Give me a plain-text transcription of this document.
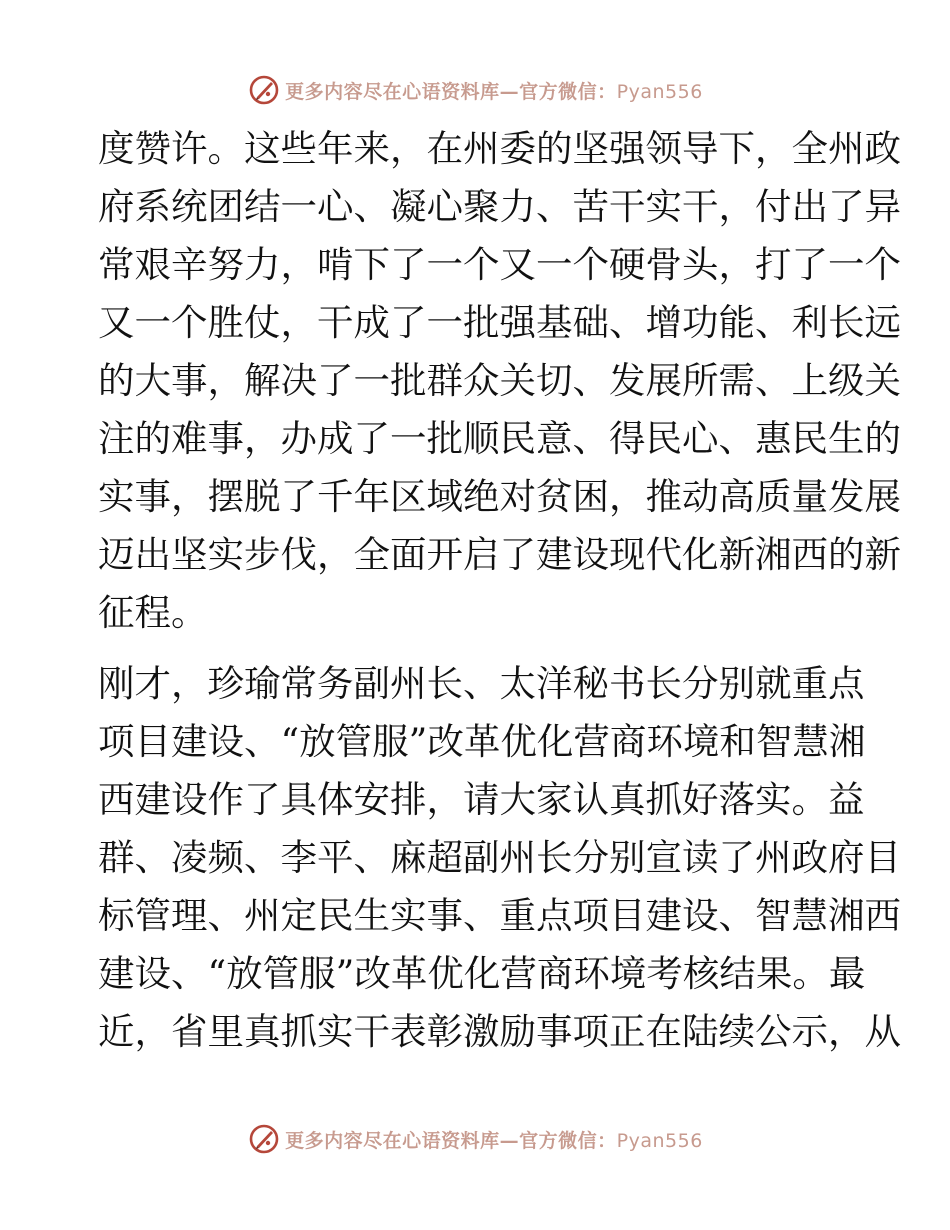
更多内容尽在心语资料库—官方微信：Pyan556
度赞许。这些年来，在州委的坚强领导下，全州政
府系统团结一心、凝心聚力、苦干实干，付出了异
常艰辛努力，啃下了一个又一个硬骨头，打了一个
又一个胜仗，干成了一批强基础、增功能、利长远
的大事，解决了一批群众关切、发展所需、上级关
注的难事，办成了一批顺民意、得民心、惠民生的
实事，摆脱了千年区域绝对贫困，推动高质量发展
迈出坚实步伐，全面开启了建设现代化新湘西的新
征程。
刚才，珍瑜常务副州长、太洋秘书长分别就重点
项目建设、“放管服”改革优化营商环境和智慧湘
西建设作了具体安排，请大家认真抓好落实。益
群、凌频、李平、麻超副州长分别宣读了州政府目
标管理、州定民生实事、重点项目建设、智慧湘西
建设、“放管服”改革优化营商环境考核结果。最
近，省里真抓实干表彰激励事项正在陆续公示，从
更多内容尽在心语资料库—官方微信：Pyan556
